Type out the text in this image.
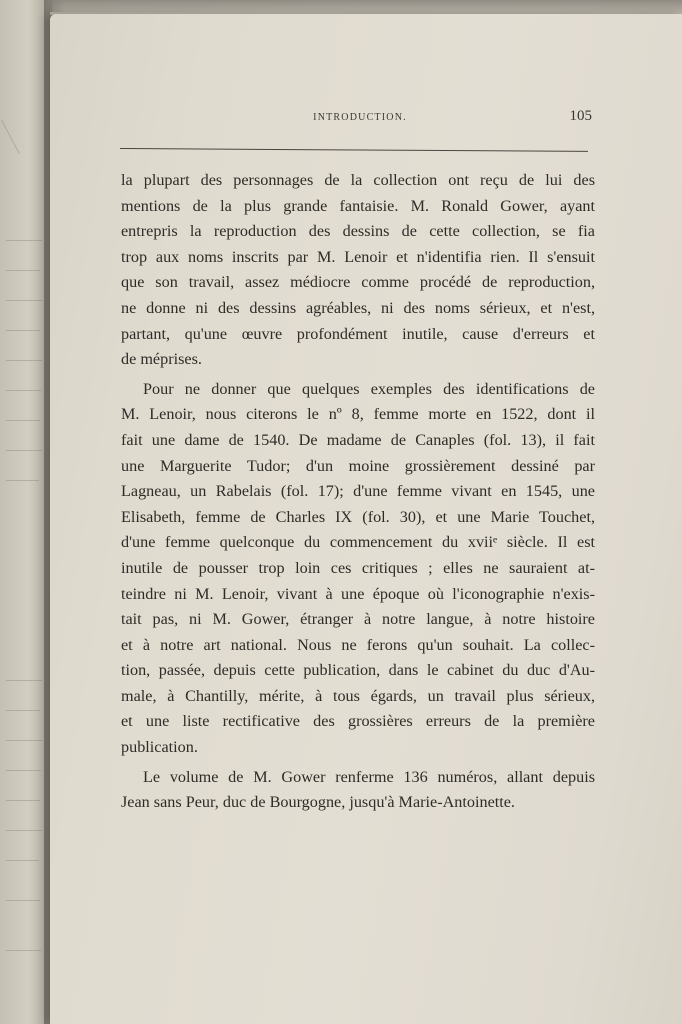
INTRODUCTION.	105
la plupart des personnages de la collection ont reçu de lui des
mentions de la plus grande fantaisie. M. Ronald Gower, ayant
entrepris la reproduction des dessins de cette collection, se fia
trop aux noms inscrits par M. Lenoir et n'identifia rien. Il s'ensuit
que son travail, assez médiocre comme procédé de reproduction,
ne donne ni des dessins agréables, ni des noms sérieux, et n'est,
partant, qu'une œuvre profondément inutile, cause d'erreurs et
de méprises.
Pour ne donner que quelques exemples des identifications de
M. Lenoir, nous citerons le nº 8, femme morte en 1522, dont il
fait une dame de 1540. De madame de Canaples (fol. 13), il fait
une Marguerite Tudor; d'un moine grossièrement dessiné par
Lagneau, un Rabelais (fol. 17); d'une femme vivant en 1545, une
Elisabeth, femme de Charles IX (fol. 30), et une Marie Touchet,
d'une femme quelconque du commencement du xviiᵉ siècle. Il est
inutile de pousser trop loin ces critiques ; elles ne sauraient at-
teindre ni M. Lenoir, vivant à une époque où l'iconographie n'exis-
tait pas, ni M. Gower, étranger à notre langue, à notre histoire
et à notre art national. Nous ne ferons qu'un souhait. La collec-
tion, passée, depuis cette publication, dans le cabinet du duc d'Au-
male, à Chantilly, mérite, à tous égards, un travail plus sérieux,
et une liste rectificative des grossières erreurs de la première
publication.
Le volume de M. Gower renferme 136 numéros, allant depuis
Jean sans Peur, duc de Bourgogne, jusqu'à Marie-Antoinette.
